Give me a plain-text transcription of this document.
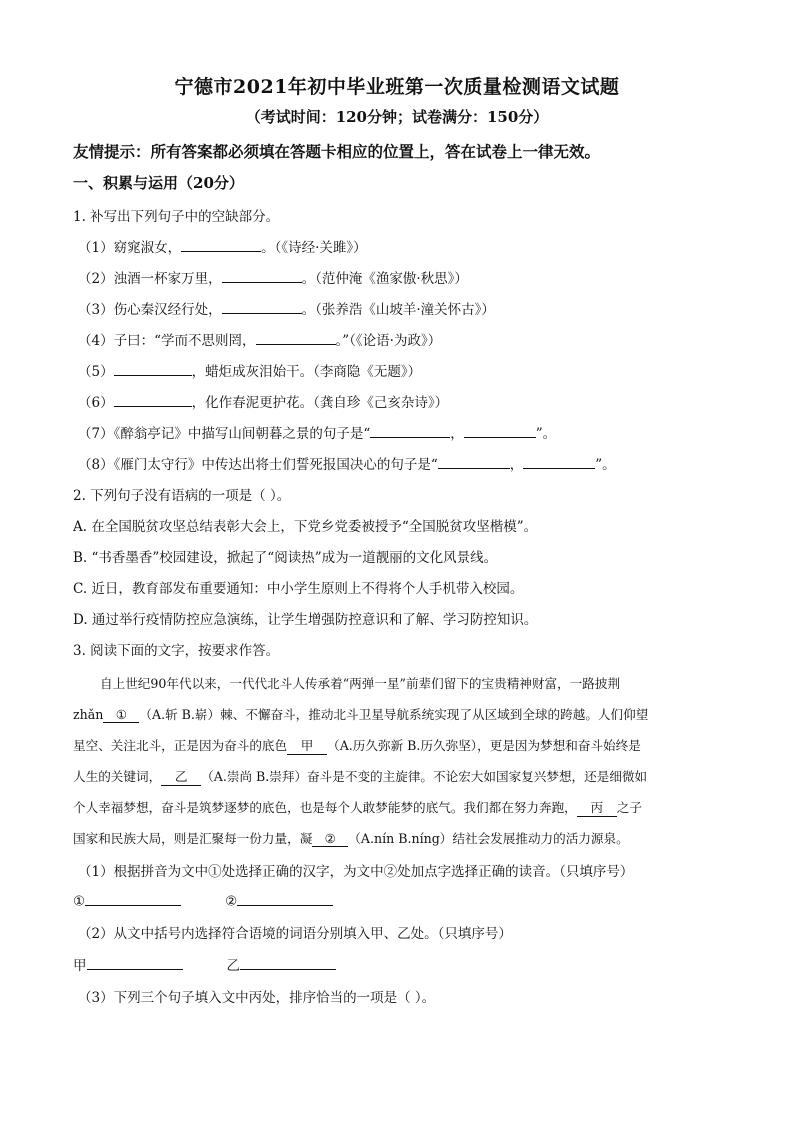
宁德市2021年初中毕业班第一次质量检测语文试题
（考试时间：120分钟；试卷满分：150分）
友情提示：所有答案都必须填在答题卡相应的位置上，答在试卷上一律无效。
一、积累与运用（20分）
1. 补写出下列句子中的空缺部分。
（1）窈窕淑女，	。（《诗经·关雎》）
（2）浊酒一杯家万里，	。（范仲淹《渔家傲·秋思》）
（3）伤心秦汉经行处，	。（张养浩《山坡羊·潼关怀古》）
（4）子曰：“学而不思则罔，	。”（《论语·为政》）
（5）	，蜡炬成灰泪始干。（李商隐《无题》）
（6）	，化作春泥更护花。（龚自珍《己亥杂诗》）
（7）《醉翁亭记》中描写山间朝暮之景的句子是“	，	”。
（8）《雁门太守行》中传达出将士们誓死报国决心的句子是“	，	”。
2. 下列句子没有语病的一项是（ ）。
A. 在全国脱贫攻坚总结表彰大会上，下党乡党委被授予“全国脱贫攻坚楷模”。
B. “书香墨香”校园建设，掀起了“阅读热”成为一道靓丽的文化风景线。
C. 近日，教育部发布重要通知：中小学生原则上不得将个人手机带入校园。
D. 通过举行疫情防控应急演练，让学生增强防控意识和了解、学习防控知识。
3. 阅读下面的文字，按要求作答。
自上世纪90年代以来，一代代北斗人传承着“两弹一星”前辈们留下的宝贵精神财富，一路披荆
zhǎn ① （A.斩 B.崭）棘、不懈奋斗，推动北斗卫星导航系统实现了从区域到全球的跨越。人们仰望
星空、关注北斗，正是因为奋斗的底色 甲 （A.历久弥新 B.历久弥坚），更是因为梦想和奋斗始终是
人生的关键词， 乙 （A.崇尚 B.崇拜）奋斗是不变的主旋律。不论宏大如国家复兴梦想，还是细微如
个人幸福梦想，奋斗是筑梦逐梦的底色，也是每个人敢梦能梦的底气。我们都在努力奔跑， 丙 之子
国家和民族大局，则是汇聚每一份力量，凝 ② （A.nín B.níng）结社会发展推动力的活力源泉。
（1）根据拼音为文中①处选择正确的汉字，为文中②处加点字选择正确的读音。（只填序号）
①	②
（2）从文中括号内选择符合语境的词语分别填入甲、乙处。（只填序号）
甲	乙
（3）下列三个句子填入文中丙处，排序恰当的一项是（ ）。
